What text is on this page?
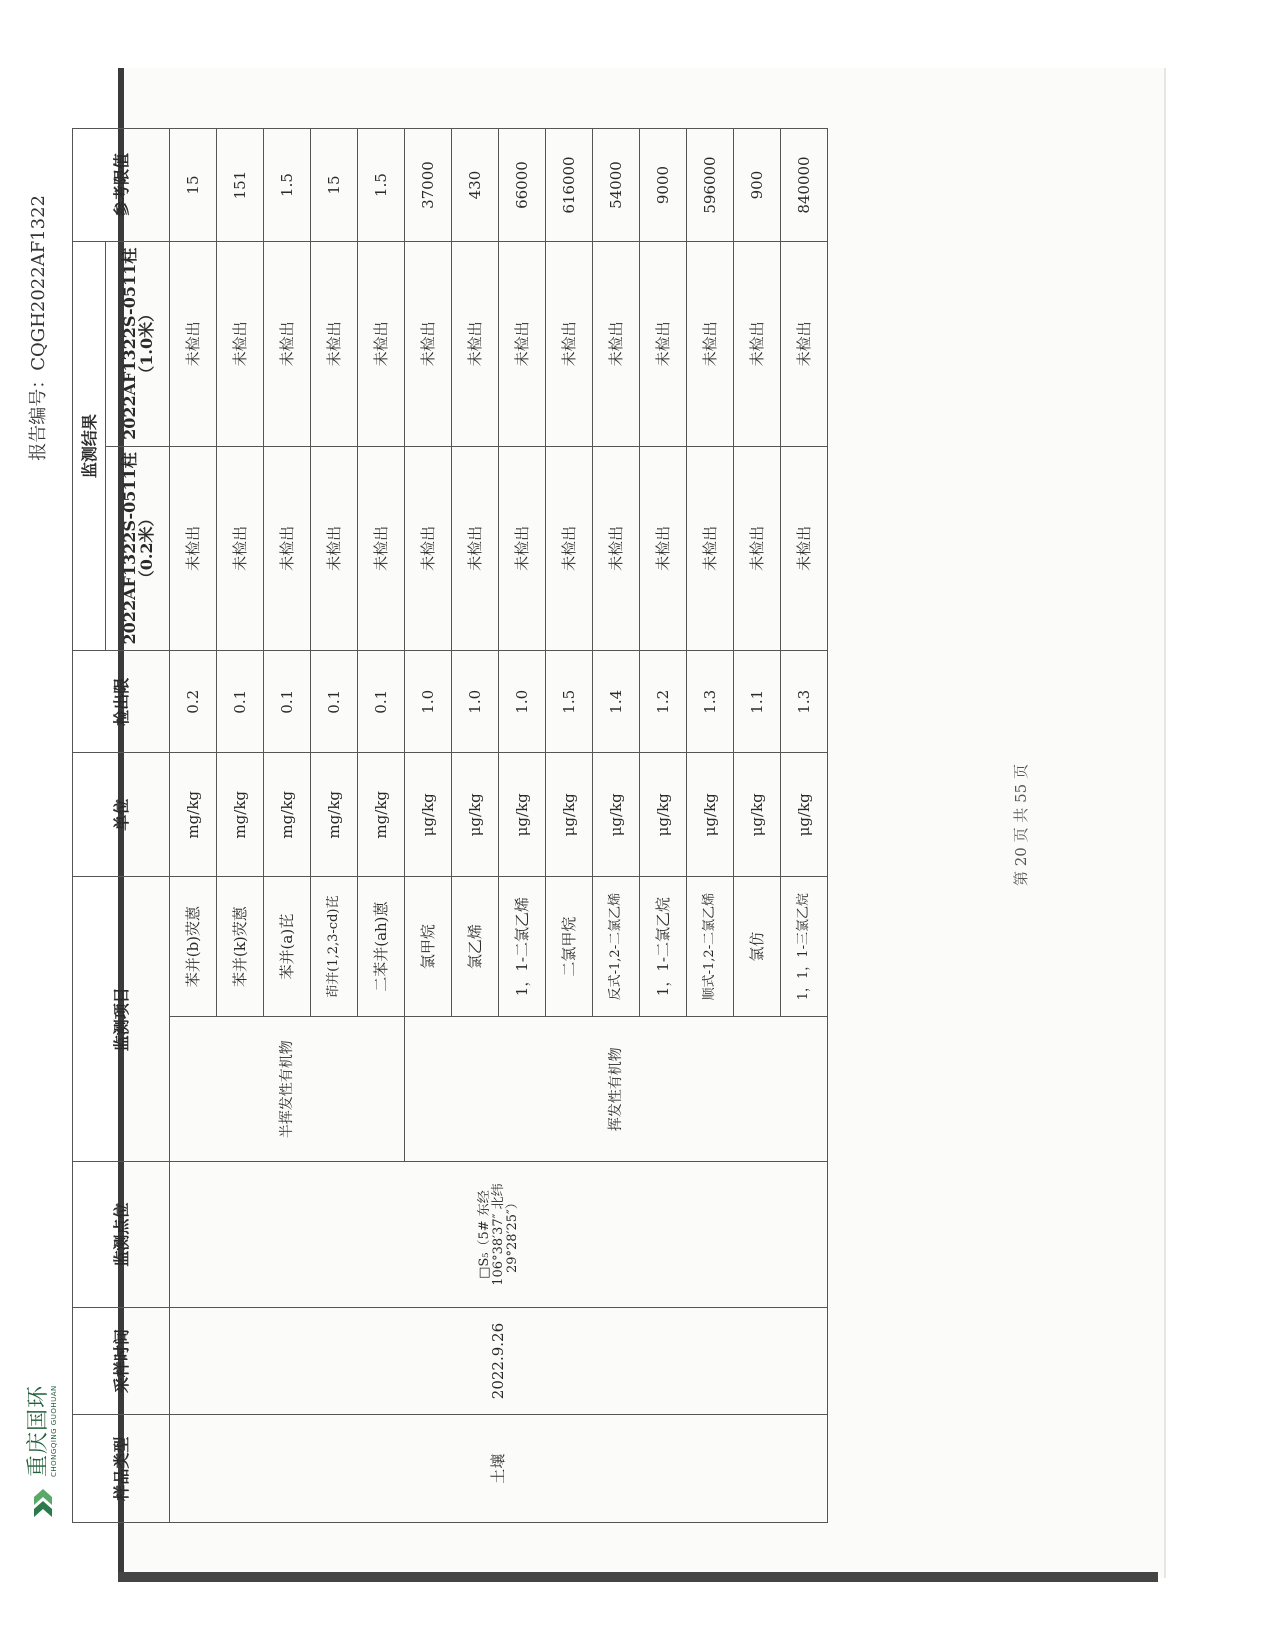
重庆国环 CHONGQING GUOHUAN
报告编号：CQGH2022AF1322
样品类型	采样时间	监测点位	监测项目		单位	检出限	监测结果		参考限值
							2022AF1322S-0511柱（0.2米）	2022AF1322S-0511柱（1.0米）	
土壤	2022.9.26	□S₅（5# 东经 106°38′37″ 北纬 29°28′25″）	半挥发性有机物	苯并(b)荧蒽	mg/kg	0.2	未检出	未检出	15
				苯并(k)荧蒽	mg/kg	0.1	未检出	未检出	151
				苯并(a)芘	mg/kg	0.1	未检出	未检出	1.5
				茚并(1,2,3-cd)芘	mg/kg	0.1	未检出	未检出	15
				二苯并(ah)蒽	mg/kg	0.1	未检出	未检出	1.5
			挥发性有机物	氯甲烷	μg/kg	1.0	未检出	未检出	37000
				氯乙烯	μg/kg	1.0	未检出	未检出	430
				1，1-二氯乙烯	μg/kg	1.0	未检出	未检出	66000
				二氯甲烷	μg/kg	1.5	未检出	未检出	616000
				反式-1,2-二氯乙烯	μg/kg	1.4	未检出	未检出	54000
				1，1-二氯乙烷	μg/kg	1.2	未检出	未检出	9000
				顺式-1,2-二氯乙烯	μg/kg	1.3	未检出	未检出	596000
				氯仿	μg/kg	1.1	未检出	未检出	900
				1，1，1-三氯乙烷	μg/kg	1.3	未检出	未检出	840000
第 20 页 共 55 页
